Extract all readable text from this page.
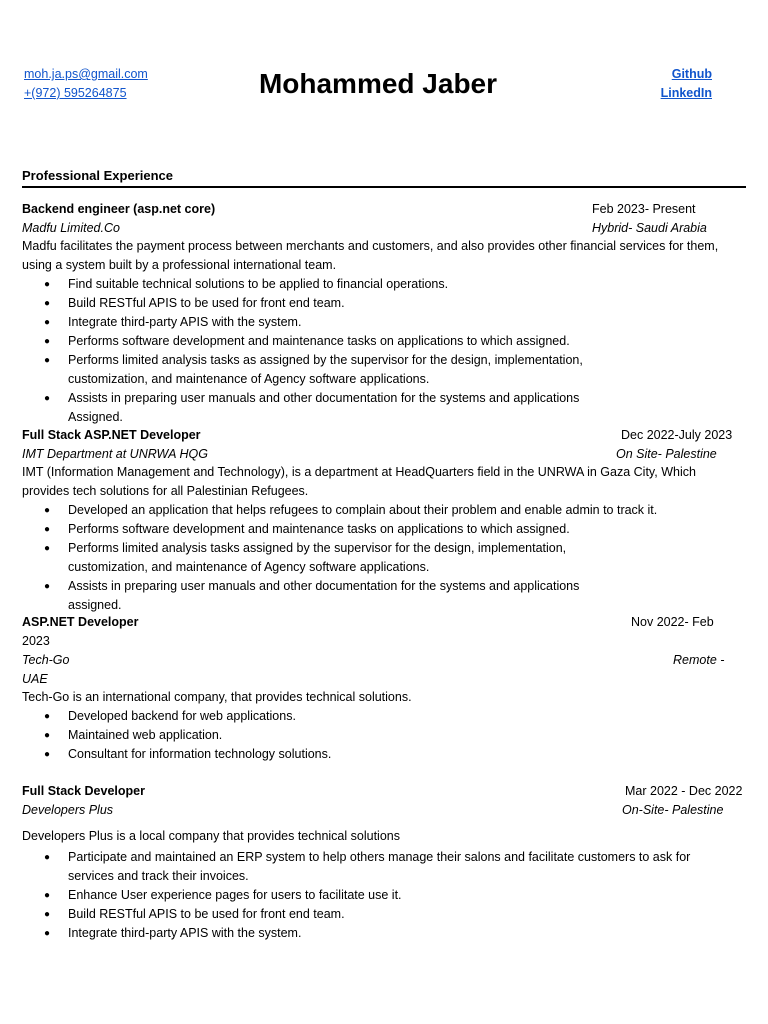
moh.ja.ps@gmail.com
+(972) 595264875	Mohammed Jaber	Github
LinkedIn
Professional Experience
Backend engineer (asp.net core)	Feb 2023- Present
Madfu Limited.Co	Hybrid- Saudi Arabia
Madfu facilitates the payment process between merchants and customers, and also provides other financial services for them, using a system built by a professional international team.
● Find suitable technical solutions to be applied to financial operations.
● Build RESTful APIS to be used for front end team.
● Integrate third-party APIS with the system.
● Performs software development and maintenance tasks on applications to which assigned.
● Performs limited analysis tasks as assigned by the supervisor for the design, implementation, customization, and maintenance of Agency software applications.
● Assists in preparing user manuals and other documentation for the systems and applications Assigned.
Full Stack ASP.NET Developer	Dec 2022-July 2023
IMT Department at UNRWA HQG	On Site- Palestine
IMT (Information Management and Technology), is a department at HeadQuarters field in the UNRWA in Gaza City, Which provides tech solutions for all Palestinian Refugees.
● Developed an application that helps refugees to complain about their problem and enable admin to track it.
● Performs software development and maintenance tasks on applications to which assigned.
● Performs limited analysis tasks assigned by the supervisor for the design, implementation, customization, and maintenance of Agency software applications.
● Assists in preparing user manuals and other documentation for the systems and applications assigned.
ASP.NET Developer	Nov 2022- Feb
2023
Tech-Go	Remote -
UAE
Tech-Go is an international company, that provides technical solutions.
● Developed backend for web applications.
● Maintained web application.
● Consultant for information technology solutions.
Full Stack Developer	Mar 2022 - Dec 2022
Developers Plus	On-Site- Palestine
Developers Plus is a local company that provides technical solutions
● Participate and maintained an ERP system to help others manage their salons and facilitate customers to ask for services and track their invoices.
● Enhance User experience pages for users to facilitate use it.
● Build RESTful APIS to be used for front end team.
● Integrate third-party APIS with the system.
